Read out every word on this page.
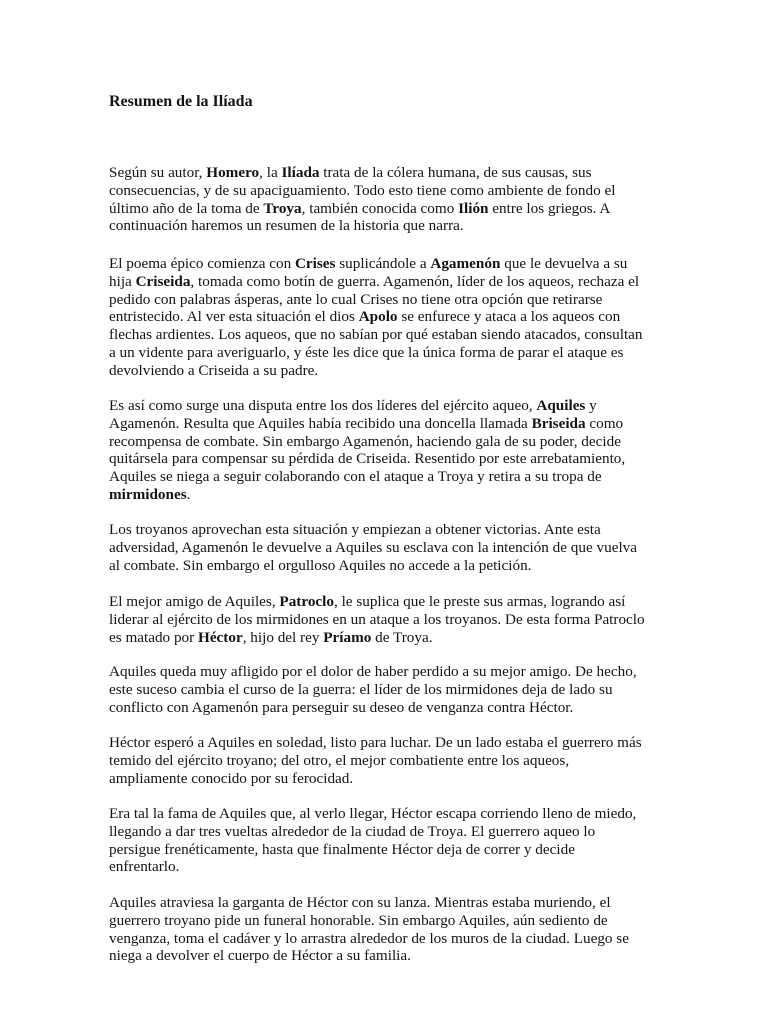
Resumen de la Ilíada

Según su autor, Homero, la Ilíada trata de la cólera humana, de sus causas, sus
consecuencias, y de su apaciguamiento. Todo esto tiene como ambiente de fondo el
último año de la toma de Troya, también conocida como Ilión entre los griegos. A
continuación haremos un resumen de la historia que narra.

El poema épico comienza con Crises suplicándole a Agamenón que le devuelva a su
hija Criseida, tomada como botín de guerra. Agamenón, líder de los aqueos, rechaza el
pedido con palabras ásperas, ante lo cual Crises no tiene otra opción que retirarse
entristecido. Al ver esta situación el dios Apolo se enfurece y ataca a los aqueos con
flechas ardientes. Los aqueos, que no sabían por qué estaban siendo atacados, consultan
a un vidente para averiguarlo, y éste les dice que la única forma de parar el ataque es
devolviendo a Criseida a su padre.

Es así como surge una disputa entre los dos líderes del ejército aqueo, Aquiles y
Agamenón. Resulta que Aquiles había recibido una doncella llamada Briseida como
recompensa de combate. Sin embargo Agamenón, haciendo gala de su poder, decide
quitársela para compensar su pérdida de Criseida. Resentido por este arrebatamiento,
Aquiles se niega a seguir colaborando con el ataque a Troya y retira a su tropa de
mirmidones.

Los troyanos aprovechan esta situación y empiezan a obtener victorias. Ante esta
adversidad, Agamenón le devuelve a Aquiles su esclava con la intención de que vuelva
al combate. Sin embargo el orgulloso Aquiles no accede a la petición.

El mejor amigo de Aquiles, Patroclo, le suplica que le preste sus armas, logrando así
liderar al ejército de los mirmidones en un ataque a los troyanos. De esta forma Patroclo
es matado por Héctor, hijo del rey Príamo de Troya.

Aquiles queda muy afligido por el dolor de haber perdido a su mejor amigo. De hecho,
este suceso cambia el curso de la guerra: el líder de los mirmidones deja de lado su
conflicto con Agamenón para perseguir su deseo de venganza contra Héctor.

Héctor esperó a Aquiles en soledad, listo para luchar. De un lado estaba el guerrero más
temido del ejército troyano; del otro, el mejor combatiente entre los aqueos,
ampliamente conocido por su ferocidad.

Era tal la fama de Aquiles que, al verlo llegar, Héctor escapa corriendo lleno de miedo,
llegando a dar tres vueltas alrededor de la ciudad de Troya. El guerrero aqueo lo
persigue frenéticamente, hasta que finalmente Héctor deja de correr y decide
enfrentarlo.

Aquiles atraviesa la garganta de Héctor con su lanza. Mientras estaba muriendo, el
guerrero troyano pide un funeral honorable. Sin embargo Aquiles, aún sediento de
venganza, toma el cadáver y lo arrastra alrededor de los muros de la ciudad. Luego se
niega a devolver el cuerpo de Héctor a su familia.
